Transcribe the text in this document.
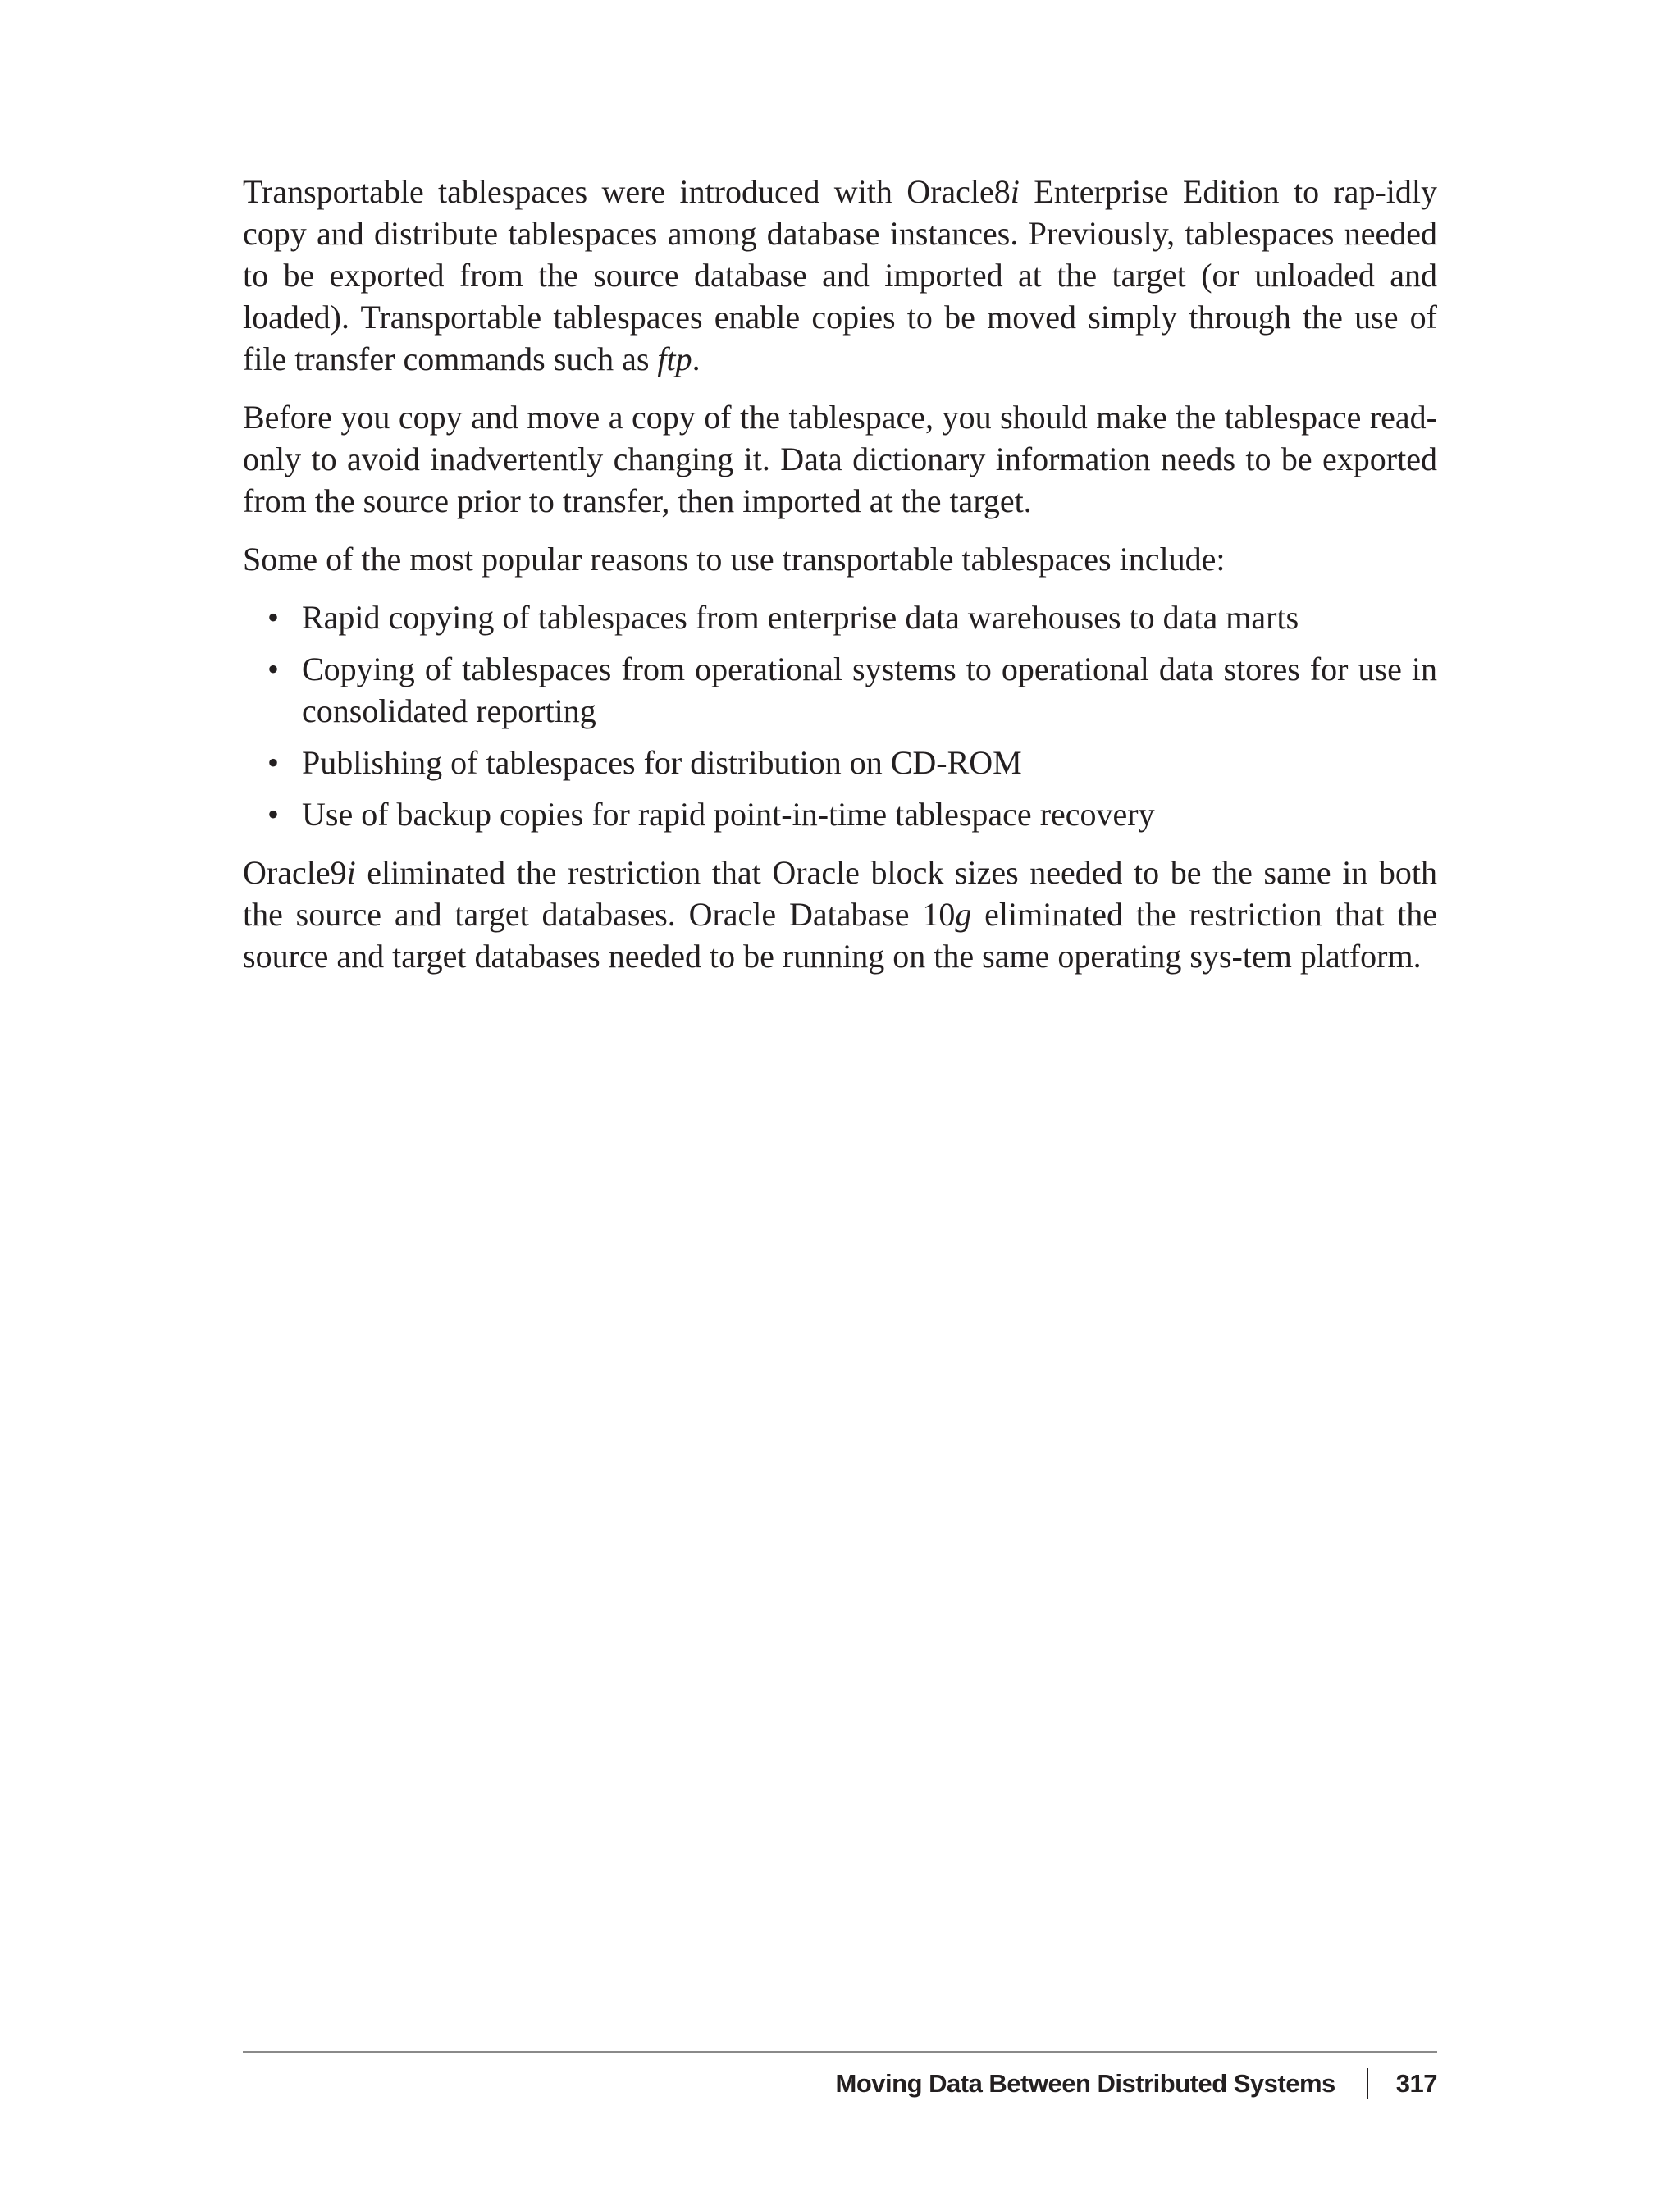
Transportable tablespaces were introduced with Oracle8i Enterprise Edition to rap-idly copy and distribute tablespaces among database instances. Previously, tablespaces needed to be exported from the source database and imported at the target (or unloaded and loaded). Transportable tablespaces enable copies to be moved simply through the use of file transfer commands such as ftp.

Before you copy and move a copy of the tablespace, you should make the tablespace read-only to avoid inadvertently changing it. Data dictionary information needs to be exported from the source prior to transfer, then imported at the target.

Some of the most popular reasons to use transportable tablespaces include:

• Rapid copying of tablespaces from enterprise data warehouses to data marts
• Copying of tablespaces from operational systems to operational data stores for use in consolidated reporting
• Publishing of tablespaces for distribution on CD-ROM
• Use of backup copies for rapid point-in-time tablespace recovery

Oracle9i eliminated the restriction that Oracle block sizes needed to be the same in both the source and target databases. Oracle Database 10g eliminated the restriction that the source and target databases needed to be running on the same operating sys-tem platform.

Moving Data Between Distributed Systems 317
